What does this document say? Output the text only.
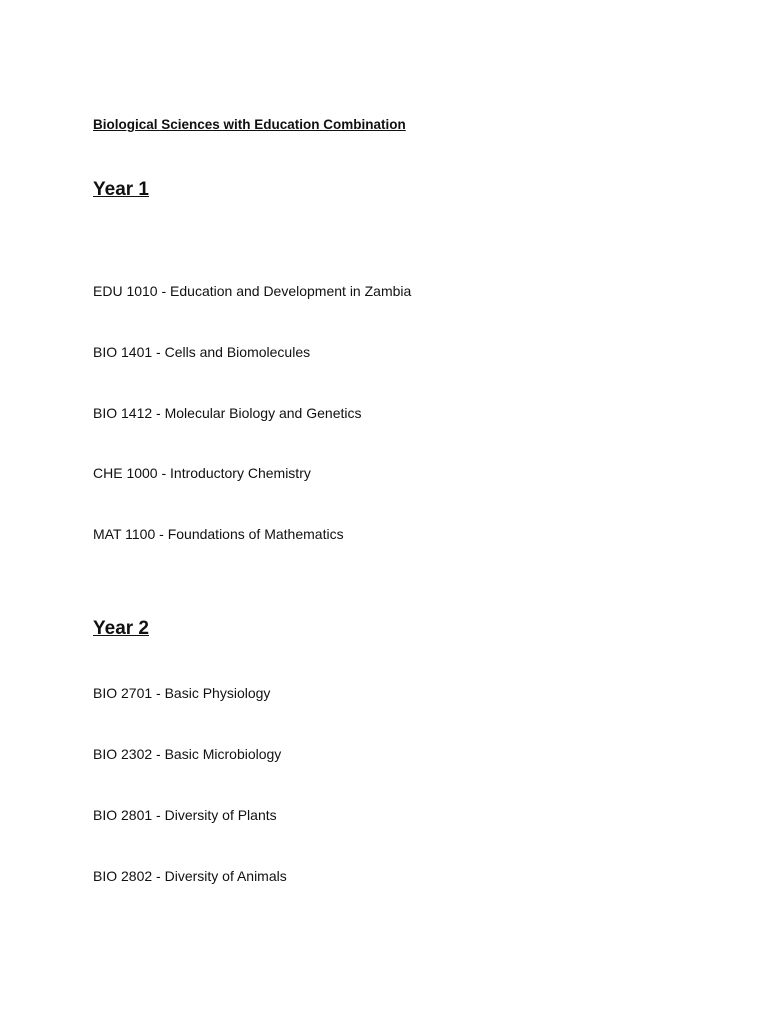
Biological Sciences with Education Combination

Year 1

EDU 1010 - Education and Development in Zambia

BIO 1401 - Cells and Biomolecules

BIO 1412 - Molecular Biology and Genetics

CHE 1000 - Introductory Chemistry

MAT 1100 - Foundations of Mathematics

Year 2

BIO 2701 - Basic Physiology

BIO 2302 - Basic Microbiology

BIO 2801 - Diversity of Plants

BIO 2802 - Diversity of Animals
